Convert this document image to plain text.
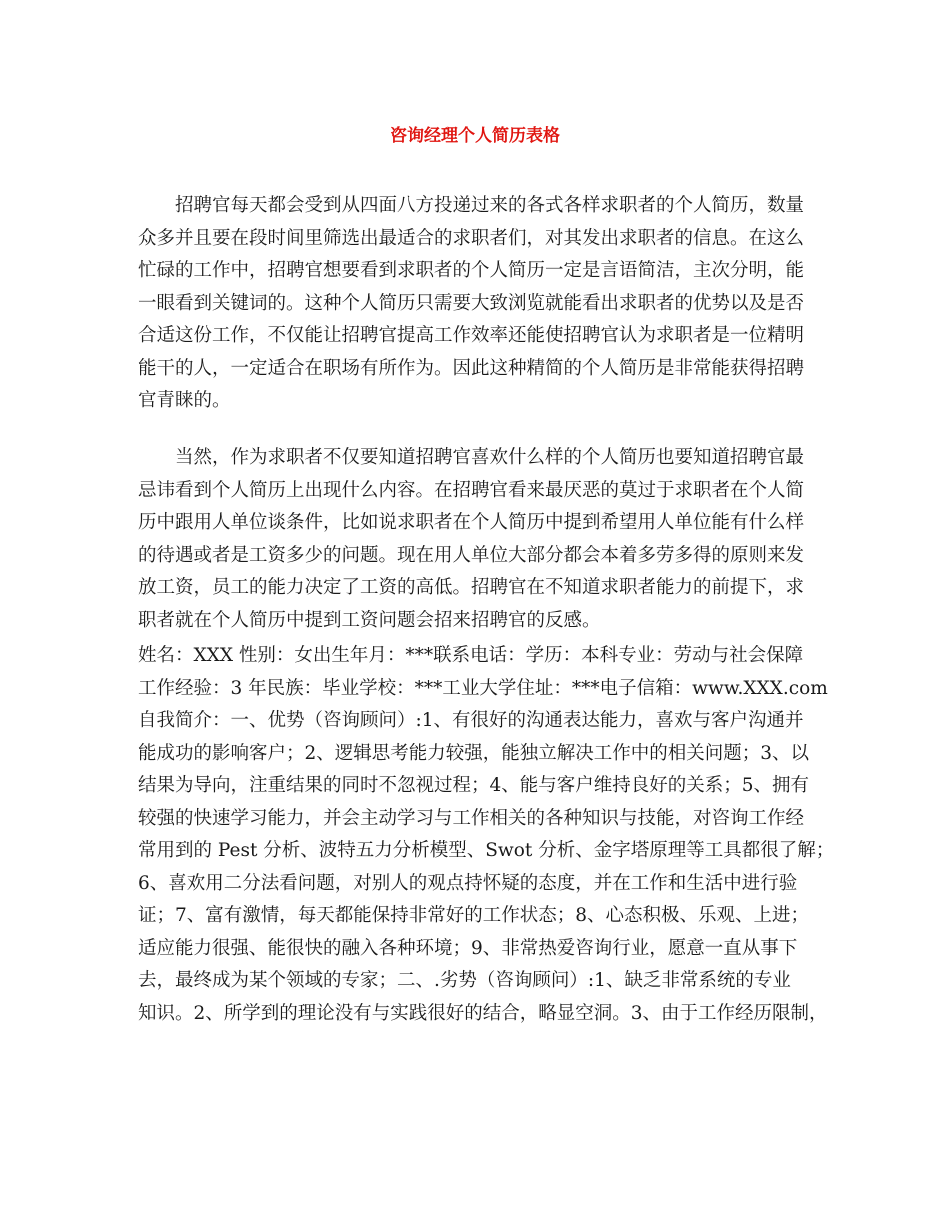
咨询经理个人简历表格
招聘官每天都会受到从四面八方投递过来的各式各样求职者的个人简历，数量
众多并且要在段时间里筛选出最适合的求职者们，对其发出求职者的信息。在这么
忙碌的工作中，招聘官想要看到求职者的个人简历一定是言语简洁，主次分明，能
一眼看到关键词的。这种个人简历只需要大致浏览就能看出求职者的优势以及是否
合适这份工作，不仅能让招聘官提高工作效率还能使招聘官认为求职者是一位精明
能干的人，一定适合在职场有所作为。因此这种精简的个人简历是非常能获得招聘
官青睐的。
当然，作为求职者不仅要知道招聘官喜欢什么样的个人简历也要知道招聘官最
忌讳看到个人简历上出现什么内容。在招聘官看来最厌恶的莫过于求职者在个人简
历中跟用人单位谈条件，比如说求职者在个人简历中提到希望用人单位能有什么样
的待遇或者是工资多少的问题。现在用人单位大部分都会本着多劳多得的原则来发
放工资，员工的能力决定了工资的高低。招聘官在不知道求职者能力的前提下，求
职者就在个人简历中提到工资问题会招来招聘官的反感。
姓名：XXX 性别：女出生年月：***联系电话：学历：本科专业：劳动与社会保障
工作经验：3 年民族：毕业学校：***工业大学住址：***电子信箱：www.XXX.com
自我简介：一、优势（咨询顾问）:1、有很好的沟通表达能力，喜欢与客户沟通并
能成功的影响客户；2、逻辑思考能力较强，能独立解决工作中的相关问题；3、以
结果为导向，注重结果的同时不忽视过程；4、能与客户维持良好的关系；5、拥有
较强的快速学习能力，并会主动学习与工作相关的各种知识与技能，对咨询工作经
常用到的 Pest 分析、波特五力分析模型、Swot 分析、金字塔原理等工具都很了解；
6、喜欢用二分法看问题，对别人的观点持怀疑的态度，并在工作和生活中进行验
证；7、富有激情，每天都能保持非常好的工作状态；8、心态积极、乐观、上进；
适应能力很强、能很快的融入各种环境；9、非常热爱咨询行业，愿意一直从事下
去，最终成为某个领域的专家；二、.劣势（咨询顾问）:1、缺乏非常系统的专业
知识。2、所学到的理论没有与实践很好的结合，略显空洞。3、由于工作经历限制，
